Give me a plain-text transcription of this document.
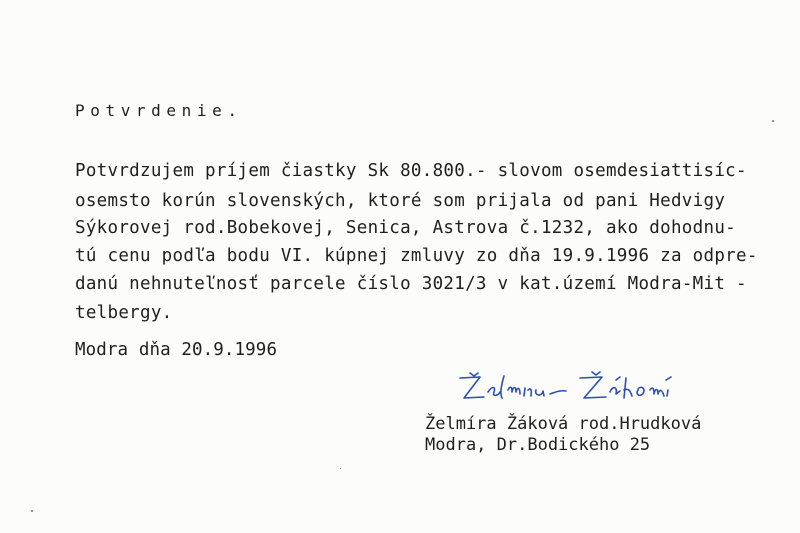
Potvrdenie.
Potvrdzujem príjem čiastky Sk 80.800.- slovom osemdesiattisíc-
osemsto korún slovenských, ktoré som prijala od pani Hedvigy
Sýkorovej rod.Bobekovej, Senica, Astrova č.1232, ako dohodnu-
tú cenu podľa bodu VI. kúpnej zmluvy zo dňa 19.9.1996 za odpre-
danú nehnuteľnosť parcele číslo 3021/3 v kat.území Modra-Mit -
telbergy.
Modra dňa 20.9.1996
Želmíra Žáková rod.Hrudková
Modra, Dr.Bodického 25
